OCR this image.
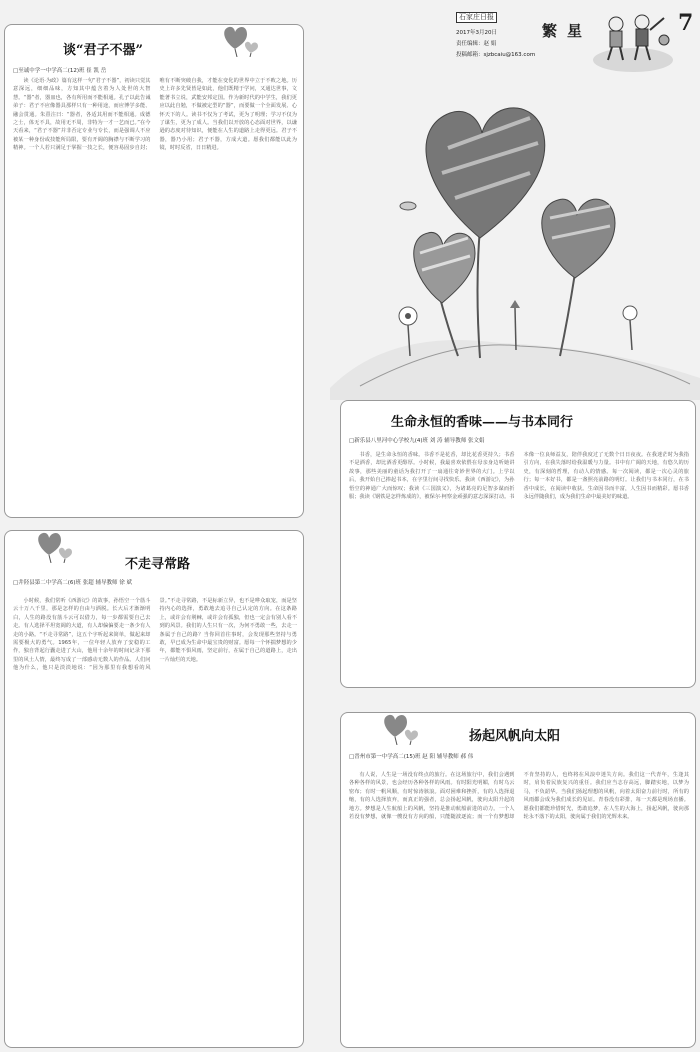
石家庄日报
2017年3月20日
责任编辑：赵 娟
投稿邮箱：sjzbcaiu@163.com
繁星	7
谈“君子不器”
□至诚中学一中学高二(12)班 崔 凯 岳

读《论语·为政》篇有这样一句“君子不器”，初读只觉其意深远，细细品味，方知其中蕴含着为人处世的大智慧。“器”者，器皿也，各有所用而不能相通。孔子以此告诫弟子：君子不应像器具那样只有一种用途，而应博学多能、融会贯通。朱熹注曰：“器者，各适其用而不能相通。成德之士，体无不具，故用无不周，非特为一才一艺而已。”在今天看来，“君子不器”并非否定专业与专长，而是强调人不应被某一种身份或技能所局限，要有开阔的胸襟与不断学习的精神。一个人若只满足于掌握一技之长，便容易固步自封；唯有不断突破自我，才能在变化的世界中立于不败之地。历史上许多先贤皆是如此，他们既精于学问，又通达世事，文能著书立说，武能安邦定国。作为新时代的中学生，我们更应以此自勉，不做被定型的“器”，而要做一个全面发展、心怀天下的人。读书不仅为了考试，更为了明理；学习不仅为了谋生，更为了成人。当我们以开放的心态面对世界，以谦逊的态度对待知识，便能在人生的道路上走得更远。君子不器，器乃小用；君子不器，方成大道。愿我们都能以此为镜，时时反省，日日精进。

不走寻常路
□井陉县第二中学高二(6)班 张超 辅导教师 徐 斌

小时候，我们常听《西游记》的故事，孙悟空一个筋斗云十万八千里，那是怎样的自由与洒脱。长大后才渐渐明白，人生的路没有筋斗云可以借力，每一步都需要自己去走。有人选择平坦宽阔的大道，有人却偏偏要走一条少有人走的小路。“不走寻常路”，这五个字听起来简单，做起来却需要极大的勇气。1965年，一位年轻人放弃了安稳的工作，独自背起行囊走进了大山，他用十余年的时间记录下那里的风土人情，最终写成了一部感动无数人的作品。人们问他为什么，他只是淡淡地说：“因为那里有我想看的风景。”不走寻常路，不是标新立异，也不是哗众取宠，而是坚持内心的选择，勇敢地去追寻自己认定的方向。在这条路上，或许会有荆棘，或许会有孤独，但也一定会有别人看不到的风景。我们的人生只有一次，为何不勇敢一些，去走一条属于自己的路？当你回首往事时，会发现那些坚持与勇敢，早已成为生命中最宝贵的财富。愿每一个怀揣梦想的少年，都能不惧风雨，坚定前行，在属于自己的道路上，走出一片灿烂的天地。

生命永恒的香味——与书本同行
□新乐县八里河中心学校九(4)班 刘 涛 辅导教师 张文娟

书香，是生命永恒的香味。书香不是花香，却比花香更持久；书香不是酒香，却比酒香更醇厚。小时候，我最喜欢依偎在母亲身边听她讲故事，那些美丽的童话为我打开了一扇通往奇妙世界的大门。上学以后，我开始自己捧起书本，在字里行间寻找快乐。我读《西游记》，为孙悟空的神通广大而惊叹；我读《三国演义》，为诸葛亮的足智多谋而折服；我读《钢铁是怎样炼成的》，被保尔·柯察金顽强的意志深深打动。书本像一位良师益友，陪伴我度过了无数个日日夜夜。在我迷茫时为我指引方向，在我失落时给我温暖与力量。书中有广阔的天地，有悠久的历史，有深刻的哲理，有动人的情感。每一次阅读，都是一次心灵的旅行；每一本好书，都是一盏照亮前路的明灯。让我们与书本同行，在书香中成长，在阅读中收获。生命因书而丰富，人生因书而精彩。愿书香永远伴随我们，成为我们生命中最美好的味道。

扬起风帆向太阳
□晋州市第一中学高二(15)班 赵 阳 辅导教师 郝 伟

有人说，人生是一场没有终点的旅行。在这场旅行中，我们会遇到各种各样的风景，也会经历各种各样的风雨。有时阳光明媚，有时乌云密布；有时一帆风顺，有时惊涛骇浪。面对困难和挫折，有的人选择退缩，有的人选择放弃，而真正的强者，总会扬起风帆，驶向太阳升起的地方。梦想是人生航船上的风帆，坚持是推动航船前进的动力。一个人若没有梦想，就像一艘没有方向的船，只能随波逐流；而一个有梦想却不肯坚持的人，也终将在风浪中迷失方向。我们这一代青年，生逢其时，肩负着民族复兴的重任。我们应当志存高远，脚踏实地，以梦为马，不负韶华。当我们扬起理想的风帆，向着太阳奋力前行时，所有的风雨都会成为我们成长的见证。青春没有彩排，每一天都是现场直播。愿我们都能珍惜时光，勇敢追梦，在人生的大海上，扬起风帆，驶向那轮永不落下的太阳，驶向属于我们的光辉未来。
